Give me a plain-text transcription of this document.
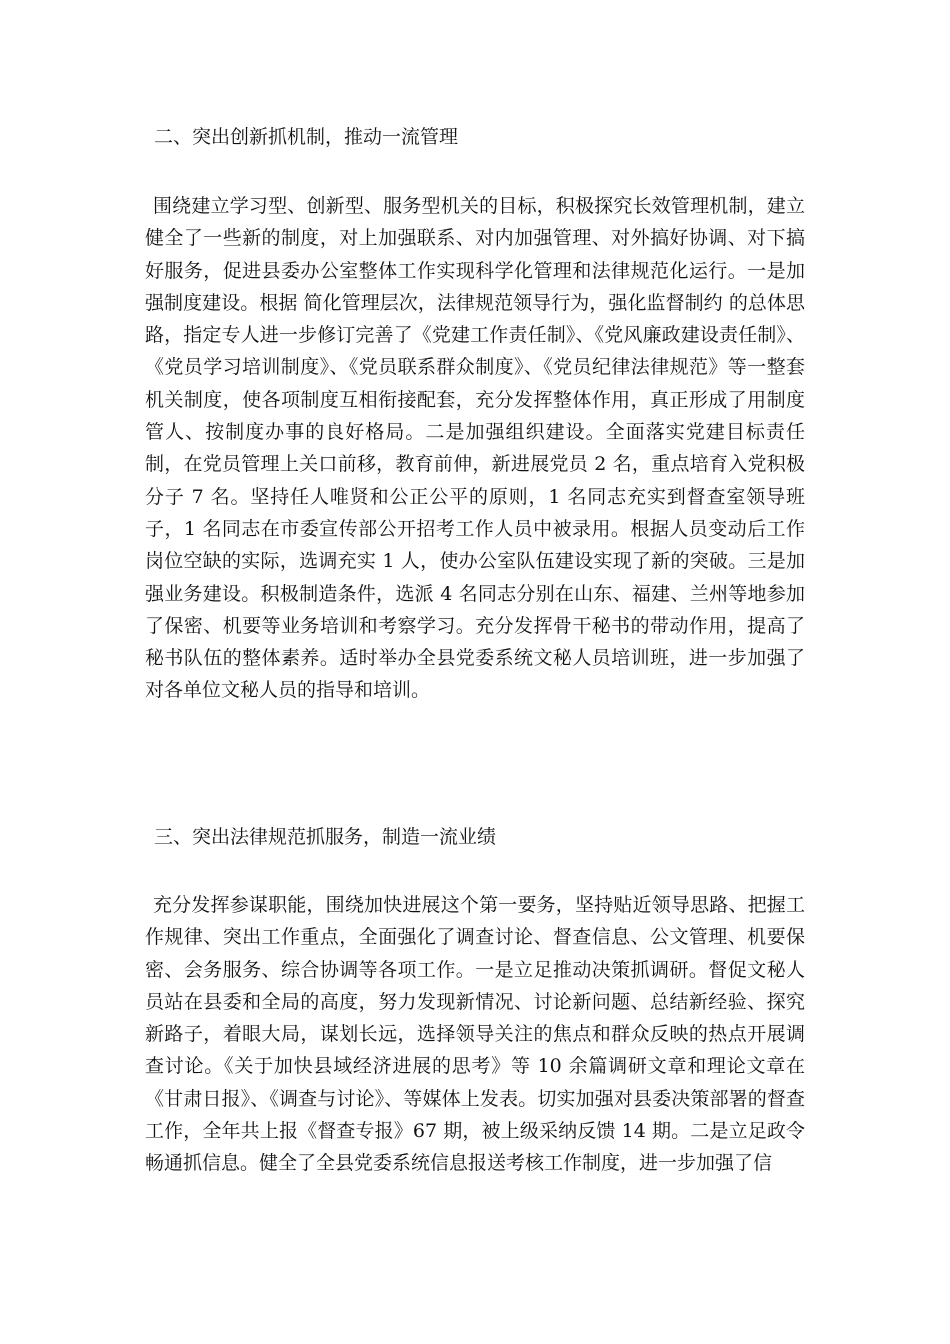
二、突出创新抓机制，推动一流管理

围绕建立学习型、创新型、服务型机关的目标，积极探究长效管理机制，建立健全了一些新的制度，对上加强联系、对内加强管理、对外搞好协调、对下搞好服务，促进县委办公室整体工作实现科学化管理和法律规范化运行。一是加强制度建设。根据 简化管理层次，法律规范领导行为，强化监督制约 的总体思路，指定专人进一步修订完善了《党建工作责任制》、《党风廉政建设责任制》、《党员学习培训制度》、《党员联系群众制度》、《党员纪律法律规范》等一整套机关制度，使各项制度互相衔接配套，充分发挥整体作用，真正形成了用制度管人、按制度办事的良好格局。二是加强组织建设。全面落实党建目标责任制，在党员管理上关口前移，教育前伸，新进展党员 2 名，重点培育入党积极分子 7 名。坚持任人唯贤和公正公平的原则，1 名同志充实到督查室领导班子，1 名同志在市委宣传部公开招考工作人员中被录用。根据人员变动后工作岗位空缺的实际，选调充实 1 人，使办公室队伍建设实现了新的突破。三是加强业务建设。积极制造条件，选派 4 名同志分别在山东、福建、兰州等地参加了保密、机要等业务培训和考察学习。充分发挥骨干秘书的带动作用，提高了秘书队伍的整体素养。适时举办全县党委系统文秘人员培训班，进一步加强了对各单位文秘人员的指导和培训。

三、突出法律规范抓服务，制造一流业绩

充分发挥参谋职能，围绕加快进展这个第一要务，坚持贴近领导思路、把握工作规律、突出工作重点，全面强化了调查讨论、督查信息、公文管理、机要保密、会务服务、综合协调等各项工作。一是立足推动决策抓调研。督促文秘人员站在县委和全局的高度，努力发现新情况、讨论新问题、总结新经验、探究新路子，着眼大局，谋划长远，选择领导关注的焦点和群众反映的热点开展调查讨论。《关于加快县域经济进展的思考》等 10 余篇调研文章和理论文章在《甘肃日报》、《调查与讨论》、等媒体上发表。切实加强对县委决策部署的督查工作，全年共上报《督查专报》67 期，被上级采纳反馈 14 期。二是立足政令畅通抓信息。健全了全县党委系统信息报送考核工作制度，进一步加强了信
